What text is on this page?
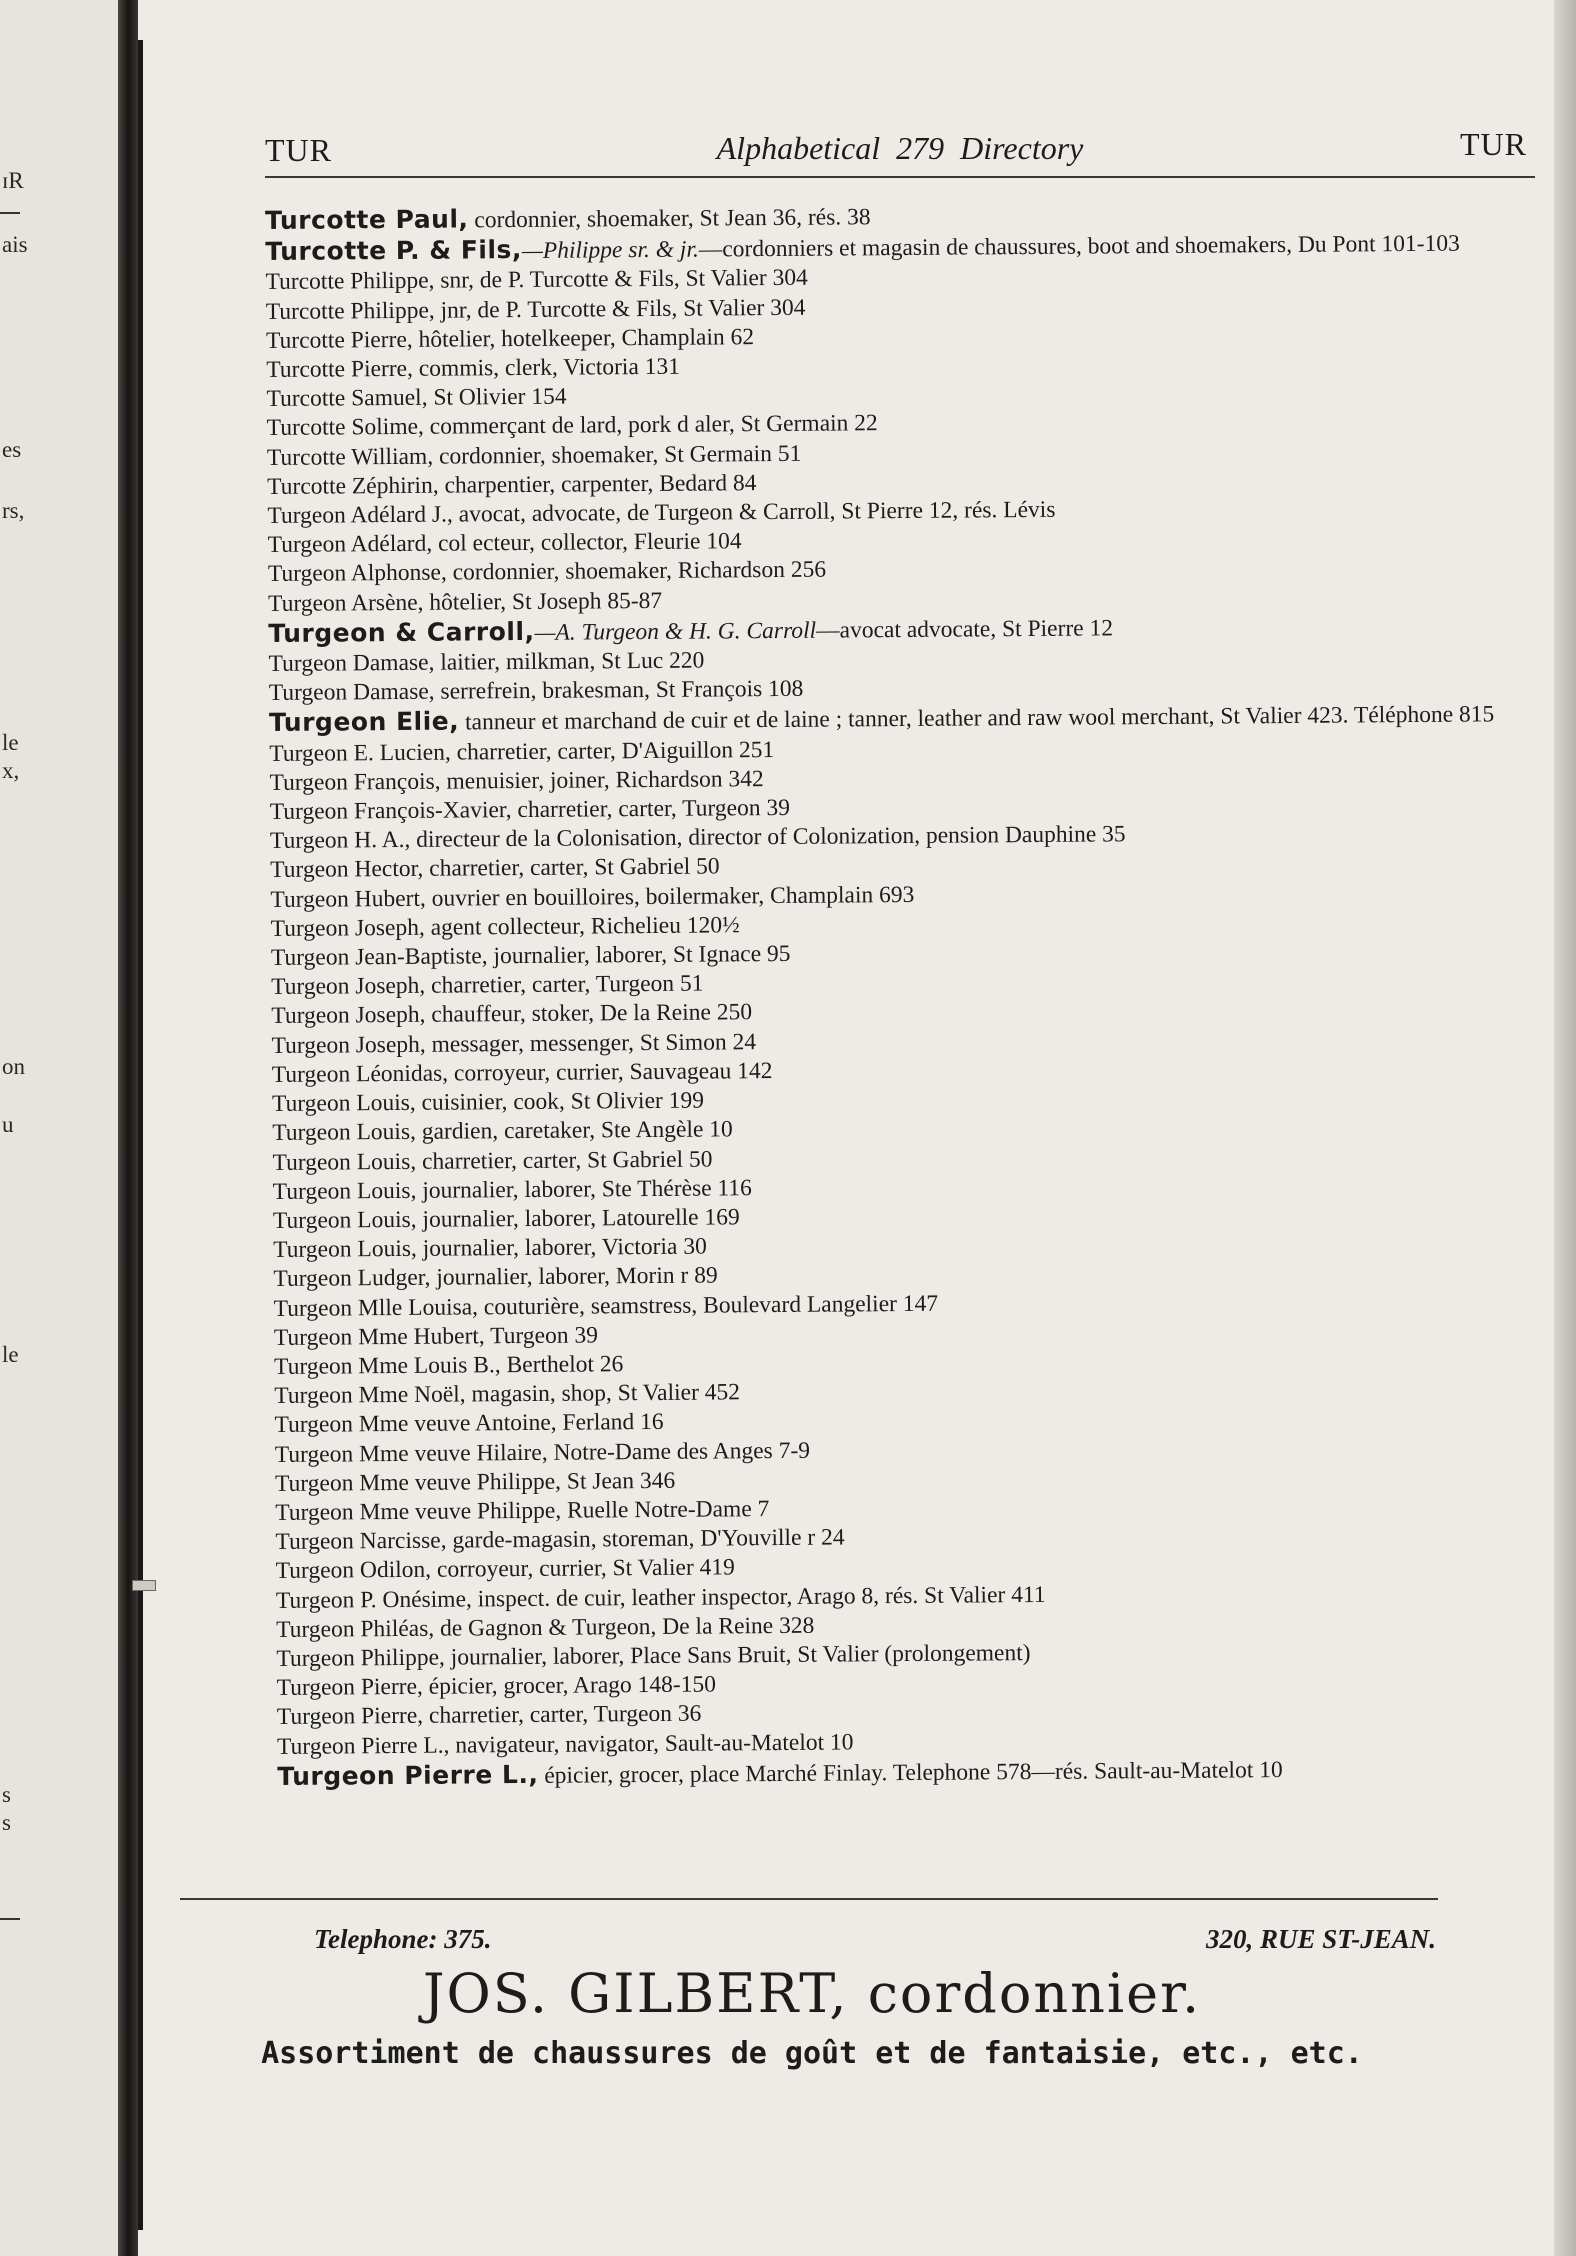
ɪR
ais
es
rs,
le
x,
on
u
le
s
s
TUR	Alphabetical  279  Directory	TUR
Turcotte Paul, cordonnier, shoemaker, St Jean 36, rés. 38
Turcotte P. & Fils,—Philippe sr. & jr.—cordonniers et magasin de chaussures, boot and shoemakers, Du Pont 101-103
Turcotte Philippe, snr, de P. Turcotte & Fils, St Valier 304
Turcotte Philippe, jnr, de P. Turcotte & Fils, St Valier 304
Turcotte Pierre, hôtelier, hotelkeeper, Champlain 62
Turcotte Pierre, commis, clerk, Victoria 131
Turcotte Samuel, St Olivier 154
Turcotte Solime, commerçant de lard, pork d aler, St Germain 22
Turcotte William, cordonnier, shoemaker, St Germain 51
Turcotte Zéphirin, charpentier, carpenter, Bedard 84
Turgeon Adélard J., avocat, advocate, de Turgeon & Carroll, St Pierre 12, rés. Lévis
Turgeon Adélard, col ecteur, collector, Fleurie 104
Turgeon Alphonse, cordonnier, shoemaker, Richardson 256
Turgeon Arsène, hôtelier, St Joseph 85-87
Turgeon & Carroll,—A. Turgeon & H. G. Carroll—avocat advocate, St Pierre 12
Turgeon Damase, laitier, milkman, St Luc 220
Turgeon Damase, serrefrein, brakesman, St François 108
Turgeon Elie, tanneur et marchand de cuir et de laine ; tanner, leather and raw wool merchant, St Valier 423. Téléphone 815
Turgeon E. Lucien, charretier, carter, D'Aiguillon 251
Turgeon François, menuisier, joiner, Richardson 342
Turgeon François-Xavier, charretier, carter, Turgeon 39
Turgeon H. A., directeur de la Colonisation, director of Colonization, pension Dauphine 35
Turgeon Hector, charretier, carter, St Gabriel 50
Turgeon Hubert, ouvrier en bouilloires, boilermaker, Champlain 693
Turgeon Joseph, agent collecteur, Richelieu 120½
Turgeon Jean-Baptiste, journalier, laborer, St Ignace 95
Turgeon Joseph, charretier, carter, Turgeon 51
Turgeon Joseph, chauffeur, stoker, De la Reine 250
Turgeon Joseph, messager, messenger, St Simon 24
Turgeon Léonidas, corroyeur, currier, Sauvageau 142
Turgeon Louis, cuisinier, cook, St Olivier 199
Turgeon Louis, gardien, caretaker, Ste Angèle 10
Turgeon Louis, charretier, carter, St Gabriel 50
Turgeon Louis, journalier, laborer, Ste Thérèse 116
Turgeon Louis, journalier, laborer, Latourelle 169
Turgeon Louis, journalier, laborer, Victoria 30
Turgeon Ludger, journalier, laborer, Morin r 89
Turgeon Mlle Louisa, couturière, seamstress, Boulevard Langelier 147
Turgeon Mme Hubert, Turgeon 39
Turgeon Mme Louis B., Berthelot 26
Turgeon Mme Noël, magasin, shop, St Valier 452
Turgeon Mme veuve Antoine, Ferland 16
Turgeon Mme veuve Hilaire, Notre-Dame des Anges 7-9
Turgeon Mme veuve Philippe, St Jean 346
Turgeon Mme veuve Philippe, Ruelle Notre-Dame 7
Turgeon Narcisse, garde-magasin, storeman, D'Youville r 24
Turgeon Odilon, corroyeur, currier, St Valier 419
Turgeon P. Onésime, inspect. de cuir, leather inspector, Arago 8, rés. St Valier 411
Turgeon Philéas, de Gagnon & Turgeon, De la Reine 328
Turgeon Philippe, journalier, laborer, Place Sans Bruit, St Valier (prolongement)
Turgeon Pierre, épicier, grocer, Arago 148-150
Turgeon Pierre, charretier, carter, Turgeon 36
Turgeon Pierre L., navigateur, navigator, Sault-au-Matelot 10
Turgeon Pierre L., épicier, grocer, place Marché Finlay. Telephone 578—rés. Sault-au-Matelot 10
Telephone: 375.	320, RUE ST-JEAN.
JOS. GILBERT, cordonnier.
Assortiment de chaussures de goût et de fantaisie, etc., etc.
